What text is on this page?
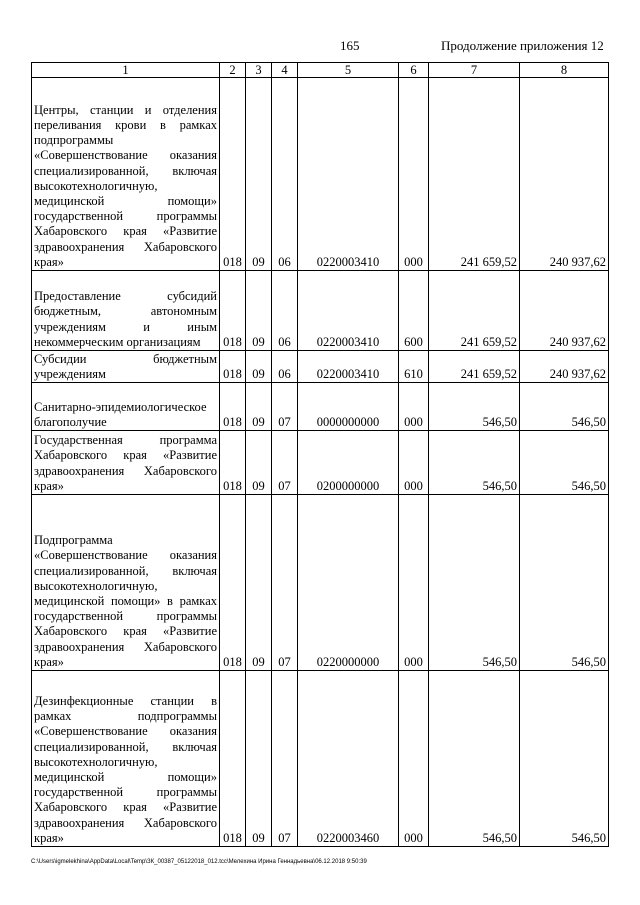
165	Продолжение приложения 12
1	2	3	4	5	6	7	8
Центры, станции и отделения переливания крови в рамках подпрограммы «Совершенствование оказания специализированной, включая высокотехнологичную, медицинской помощи» государственной программы Хабаровского края «Развитие здравоохранения Хабаровского края»	018	09	06	0220003410	000	241 659,52	240 937,62
Предоставление субсидий бюджетным, автономным учреждениям и иным некоммерческим организациям	018	09	06	0220003410	600	241 659,52	240 937,62
Субсидии бюджетным учреждениям	018	09	06	0220003410	610	241 659,52	240 937,62
Санитарно-эпидемиологическое благополучие	018	09	07	0000000000	000	546,50	546,50
Государственная программа Хабаровского края «Развитие здравоохранения Хабаровского края»	018	09	07	0200000000	000	546,50	546,50
Подпрограмма «Совершенствование оказания специализированной, включая высокотехнологичную, медицинской помощи» в рамках государственной программы Хабаровского края «Развитие здравоохранения Хабаровского края»	018	09	07	0220000000	000	546,50	546,50
Дезинфекционные станции в рамках подпрограммы «Совершенствование оказания специализированной, включая высокотехнологичную, медицинской помощи» государственной программы Хабаровского края «Развитие здравоохранения Хабаровского края»	018	09	07	0220003460	000	546,50	546,50
C:\Users\igmelekhina\AppData\Local\Temp\ЗК_00387_05122018_012.tcc\Мелехина Ирина Геннадьевна\06.12.2018 9:50:39
